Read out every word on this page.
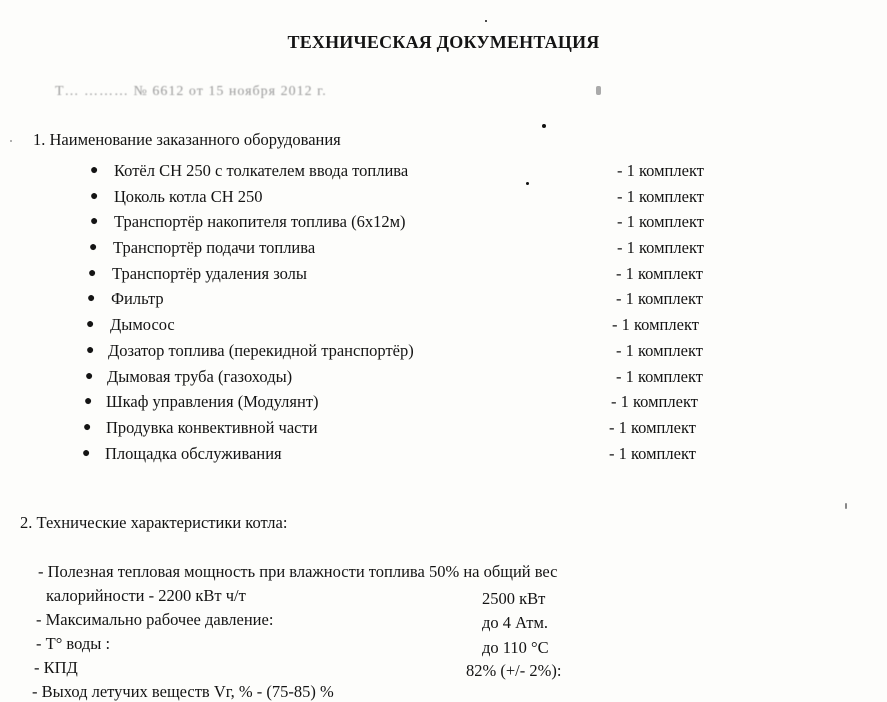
ТЕХНИЧЕСКАЯ ДОКУМЕНТАЦИЯ
Т… ……… № 6612 от 15 ноября 2012 г.
1. Наименование заказанного оборудования
● Котёл СН 250 с толкателем ввода топлива	- 1 комплект
● Цоколь котла СН 250	- 1 комплект
● Транспортёр накопителя топлива (6х12м)	- 1 комплект
● Транспортёр подачи топлива	- 1 комплект
● Транспортёр удаления золы	- 1 комплект
● Фильтр	- 1 комплект
● Дымосос	- 1 комплект
● Дозатор топлива (перекидной транспортёр)	- 1 комплект
● Дымовая труба (газоходы)	- 1 комплект
● Шкаф управления (Модулянт)	- 1 комплект
● Продувка конвективной части	- 1 комплект
● Площадка обслуживания	- 1 комплект
2. Технические характеристики котла:
- Полезная тепловая мощность при влажности топлива 50% на общий вес
калорийности - 2200 кВт ч/т	2500 кВт
- Максимально рабочее давление:	до 4 Атм.
- Т° воды :	до 110 °С
- КПД	82% (+/- 2%):
- Выход летучих веществ Vг, % - (75-85) %
